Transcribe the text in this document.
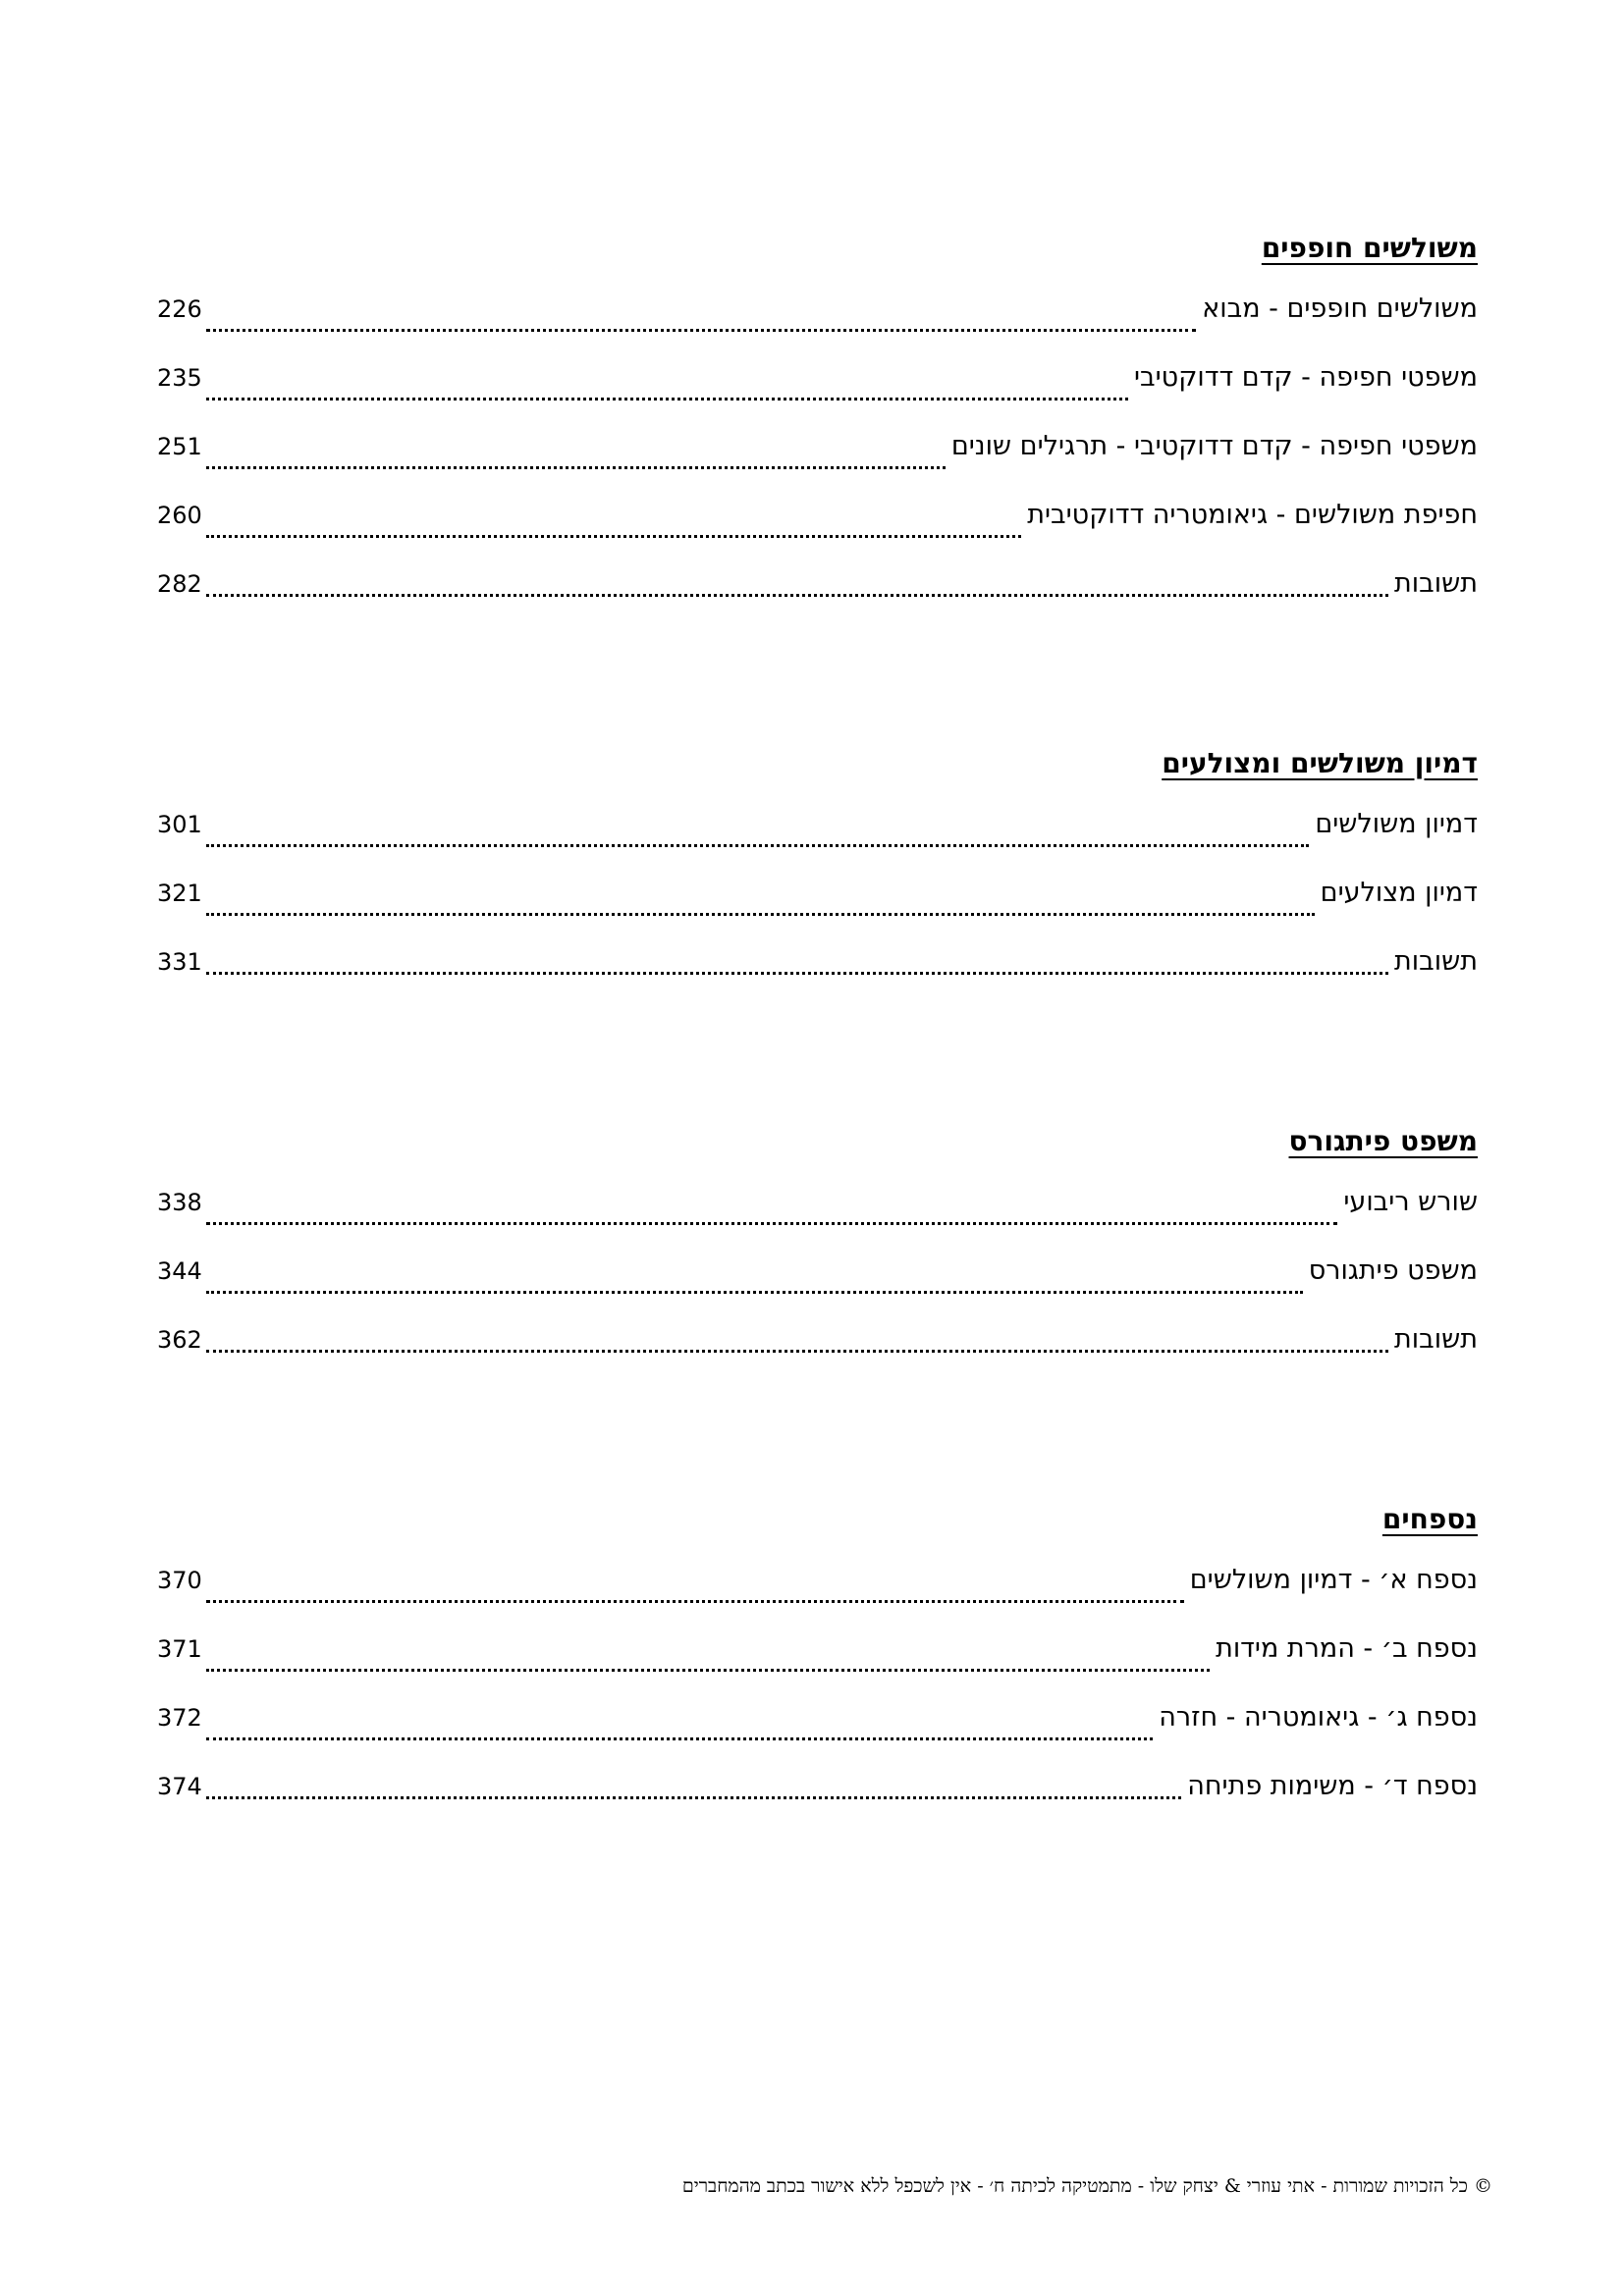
משולשים חופפים
משולשים חופפים - מבוא
226
משפטי חפיפה - קדם דדוקטיבי
235
משפטי חפיפה - קדם דדוקטיבי - תרגילים שונים
251
חפיפת משולשים - גיאומטריה דדוקטיבית
260
תשובות
282
דמיון משולשים ומצולעים
דמיון משולשים
301
דמיון מצולעים
321
תשובות
331
משפט פיתגורס
שורש ריבועי
338
משפט פיתגורס
344
תשובות
362
נספחים
נספח א׳ - דמיון משולשים
370
נספח ב׳ - המרת מידות
371
נספח ג׳ - גיאומטריה - חזרה
372
נספח ד׳ - משימות פתיחה
374
© כל הזכויות שמורות - אתי עוזרי & יצחק שלו - מתמטיקה לכיתה ח׳ - אין לשכפל ללא אישור בכתב מהמחברים
